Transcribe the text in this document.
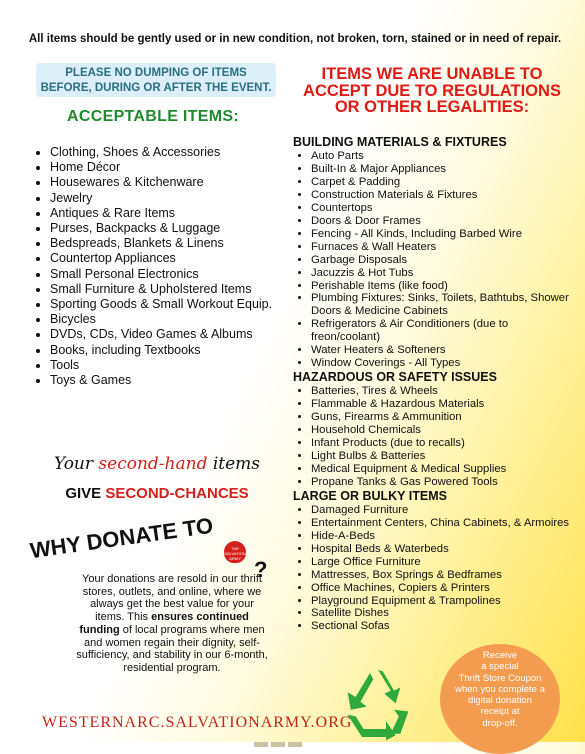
All items should be gently used or in new condition, not broken, torn, stained or in need of repair.
PLEASE NO DUMPING OF ITEMS
BEFORE, DURING OR AFTER THE EVENT.
ACCEPTABLE ITEMS:
• Clothing, Shoes & Accessories
• Home Décor
• Housewares & Kitchenware
• Jewelry
• Antiques & Rare Items
• Purses, Backpacks & Luggage
• Bedspreads, Blankets & Linens
• Countertop Appliances
• Small Personal Electronics
• Small Furniture & Upholstered Items
• Sporting Goods & Small Workout Equip.
• Bicycles
• DVDs, CDs, Video Games & Albums
• Books, including Textbooks
• Tools
• Toys & Games
Your second-hand items
GIVE SECOND-CHANCES
WHY DONATE TO	THE SALVATION ARMY ?
Your donations are resold in our thrift stores, outlets, and online, where we always get the best value for your items. This ensures continued funding of local programs where men and women regain their dignity, self-sufficiency, and stability in our 6-month, residential program.
WESTERNARC.SALVATIONARMY.ORG
ITEMS WE ARE UNABLE TO
ACCEPT DUE TO REGULATIONS
OR OTHER LEGALITIES:
BUILDING MATERIALS & FIXTURES
• Auto Parts
• Built-In & Major Appliances
• Carpet & Padding
• Construction Materials & Fixtures
• Countertops
• Doors & Door Frames
• Fencing - All Kinds, Including Barbed Wire
• Furnaces & Wall Heaters
• Garbage Disposals
• Jacuzzis & Hot Tubs
• Perishable Items (like food)
• Plumbing Fixtures: Sinks, Toilets, Bathtubs, Shower Doors & Medicine Cabinets
• Refrigerators & Air Conditioners (due to freon/coolant)
• Water Heaters & Softeners
• Window Coverings - All Types
HAZARDOUS OR SAFETY ISSUES
• Batteries, Tires & Wheels
• Flammable & Hazardous Materials
• Guns, Firearms & Ammunition
• Household Chemicals
• Infant Products (due to recalls)
• Light Bulbs & Batteries
• Medical Equipment & Medical Supplies
• Propane Tanks & Gas Powered Tools
LARGE OR BULKY ITEMS
• Damaged Furniture
• Entertainment Centers, China Cabinets, & Armoires
• Hide-A-Beds
• Hospital Beds & Waterbeds
• Large Office Furniture
• Mattresses, Box Springs & Bedframes
• Office Machines, Copiers & Printers
• Playground Equipment & Trampolines
• Satellite Dishes
• Sectional Sofas
Receive
a special
Thrift Store Coupon
when you complete a
digital donation
receipt at
drop-off.
